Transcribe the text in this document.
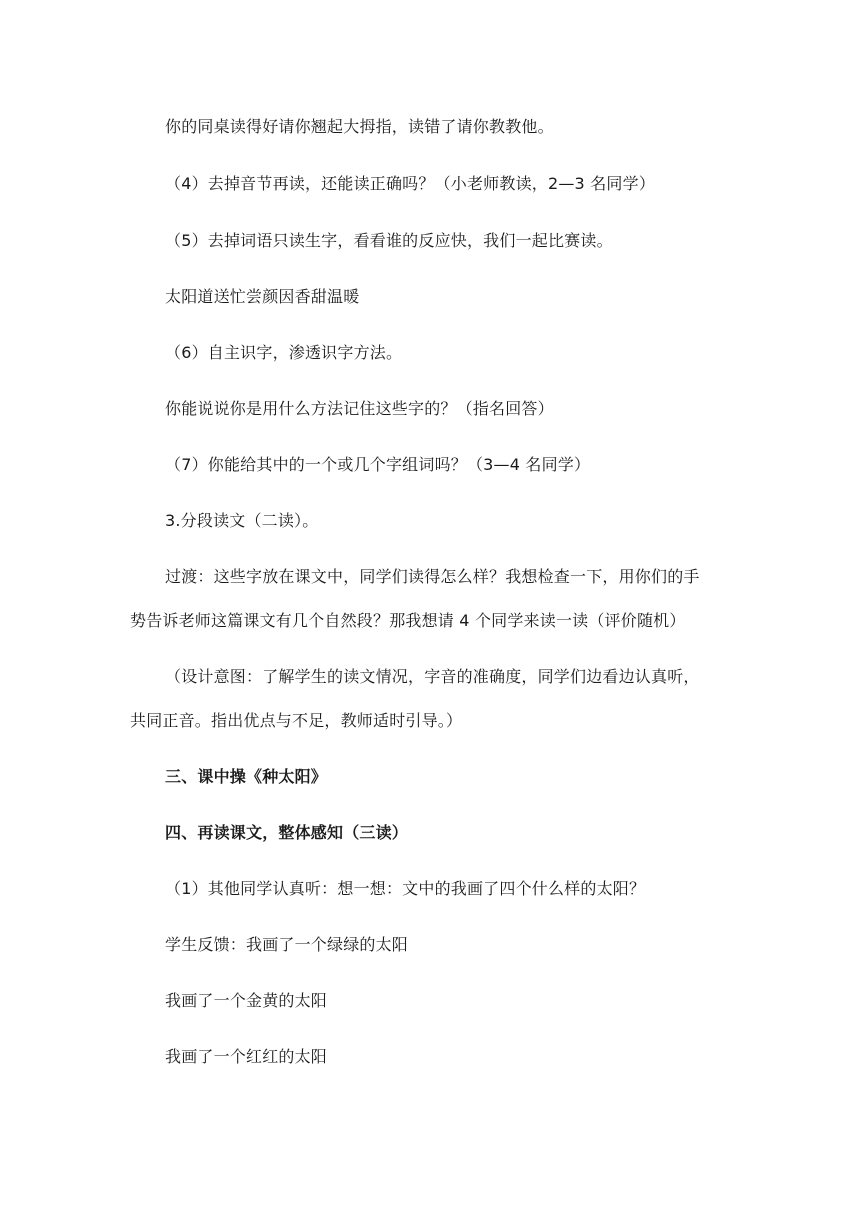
你的同桌读得好请你翘起大拇指，读错了请你教教他。
（4）去掉音节再读，还能读正确吗？（小老师教读，2—3 名同学）
（5）去掉词语只读生字，看看谁的反应快，我们一起比赛读。
太阳道送忙尝颜因香甜温暖
（6）自主识字，渗透识字方法。
你能说说你是用什么方法记住这些字的？（指名回答）
（7）你能给其中的一个或几个字组词吗？（3—4 名同学）
3.分段读文（二读）。
过渡：这些字放在课文中，同学们读得怎么样？我想检查一下，用你们的手
势告诉老师这篇课文有几个自然段？那我想请 4 个同学来读一读（评价随机）
（设计意图：了解学生的读文情况，字音的准确度，同学们边看边认真听，
共同正音。指出优点与不足，教师适时引导。）
三、课中操《种太阳》
四、再读课文，整体感知（三读）
（1）其他同学认真听：想一想：文中的我画了四个什么样的太阳？
学生反馈：我画了一个绿绿的太阳
我画了一个金黄的太阳
我画了一个红红的太阳
